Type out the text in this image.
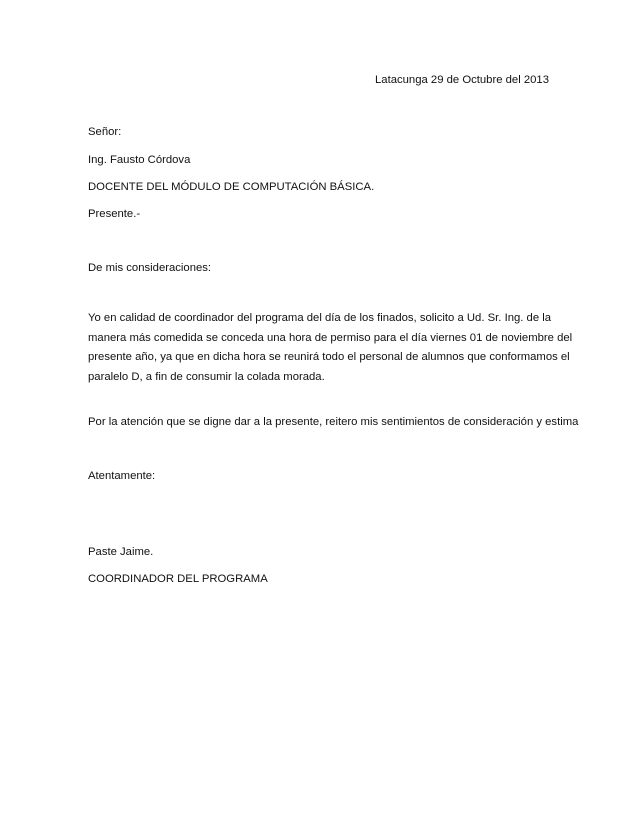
Latacunga 29 de Octubre del 2013
Señor:
Ing. Fausto Córdova
DOCENTE DEL MÓDULO DE COMPUTACIÓN BÁSICA.
Presente.-
De mis consideraciones:
Yo en calidad de coordinador del programa del día de los finados, solicito a Ud. Sr. Ing. de la
manera más comedida se conceda una hora de permiso para el día viernes 01 de noviembre del
presente año, ya que en dicha hora se reunirá todo el personal de alumnos que conformamos el
paralelo D, a fin de consumir la colada morada.
Por la atención que se digne dar a la presente, reitero mis sentimientos de consideración y estima
Atentamente:
Paste Jaime.
COORDINADOR DEL PROGRAMA
